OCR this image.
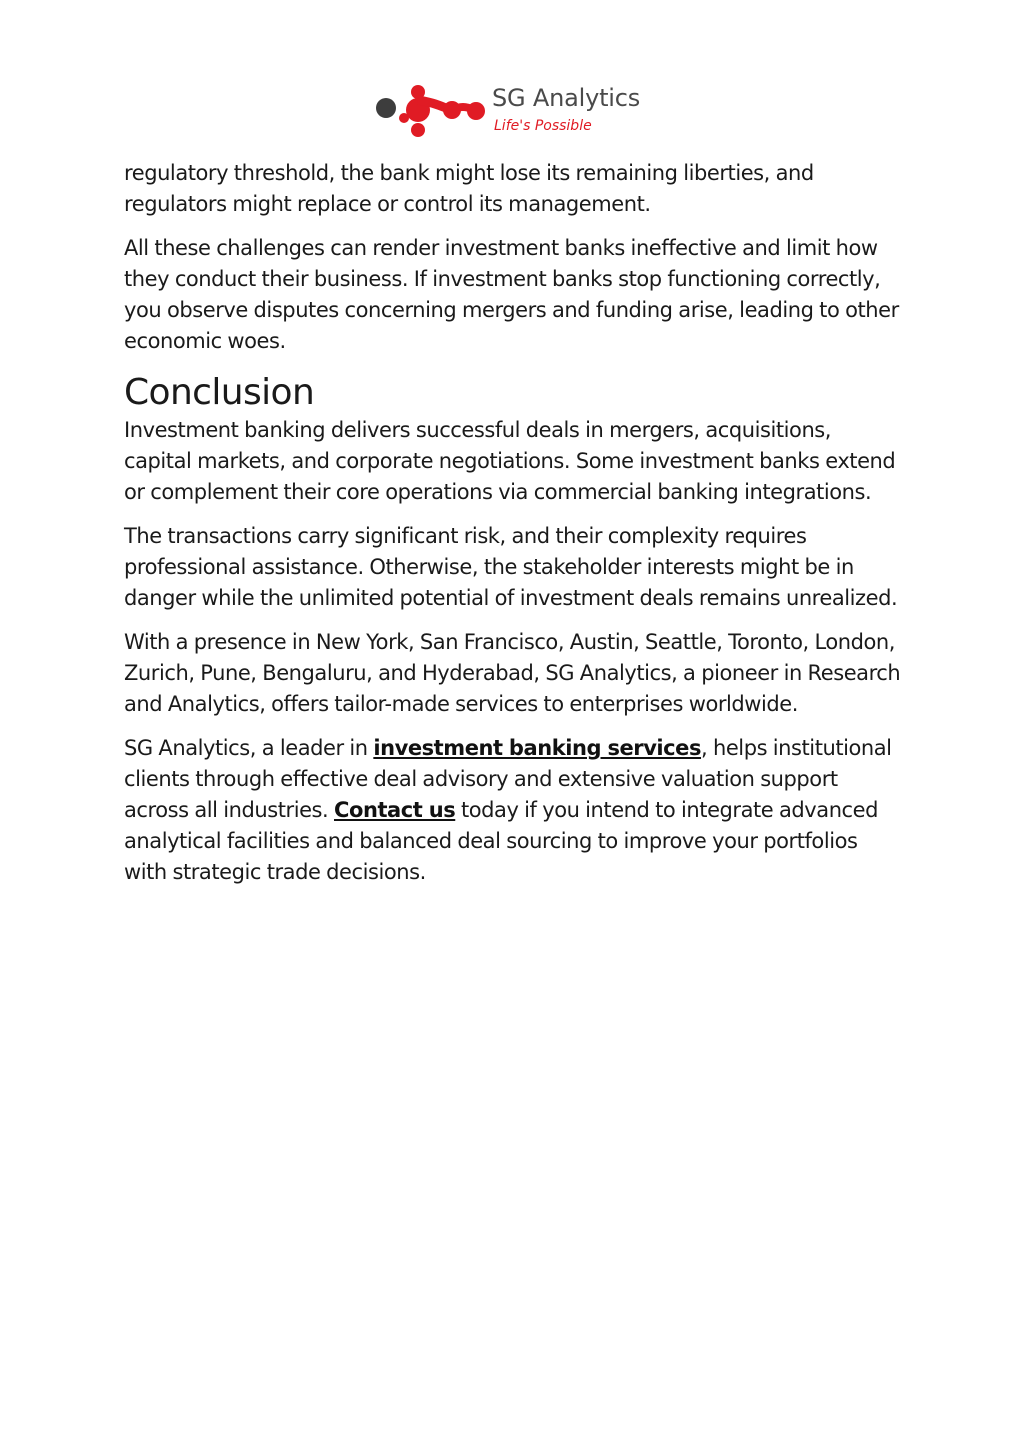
SG Analytics
Life's Possible

regulatory threshold, the bank might lose its remaining liberties, and regulators might replace or control its management.

All these challenges can render investment banks ineffective and limit how they conduct their business. If investment banks stop functioning correctly, you observe disputes concerning mergers and funding arise, leading to other economic woes.

Conclusion

Investment banking delivers successful deals in mergers, acquisitions, capital markets, and corporate negotiations. Some investment banks extend or complement their core operations via commercial banking integrations.

The transactions carry significant risk, and their complexity requires professional assistance. Otherwise, the stakeholder interests might be in danger while the unlimited potential of investment deals remains unrealized.

With a presence in New York, San Francisco, Austin, Seattle, Toronto, London, Zurich, Pune, Bengaluru, and Hyderabad, SG Analytics, a pioneer in Research and Analytics, offers tailor-made services to enterprises worldwide.

SG Analytics, a leader in investment banking services, helps institutional clients through effective deal advisory and extensive valuation support across all industries. Contact us today if you intend to integrate advanced analytical facilities and balanced deal sourcing to improve your portfolios with strategic trade decisions.
